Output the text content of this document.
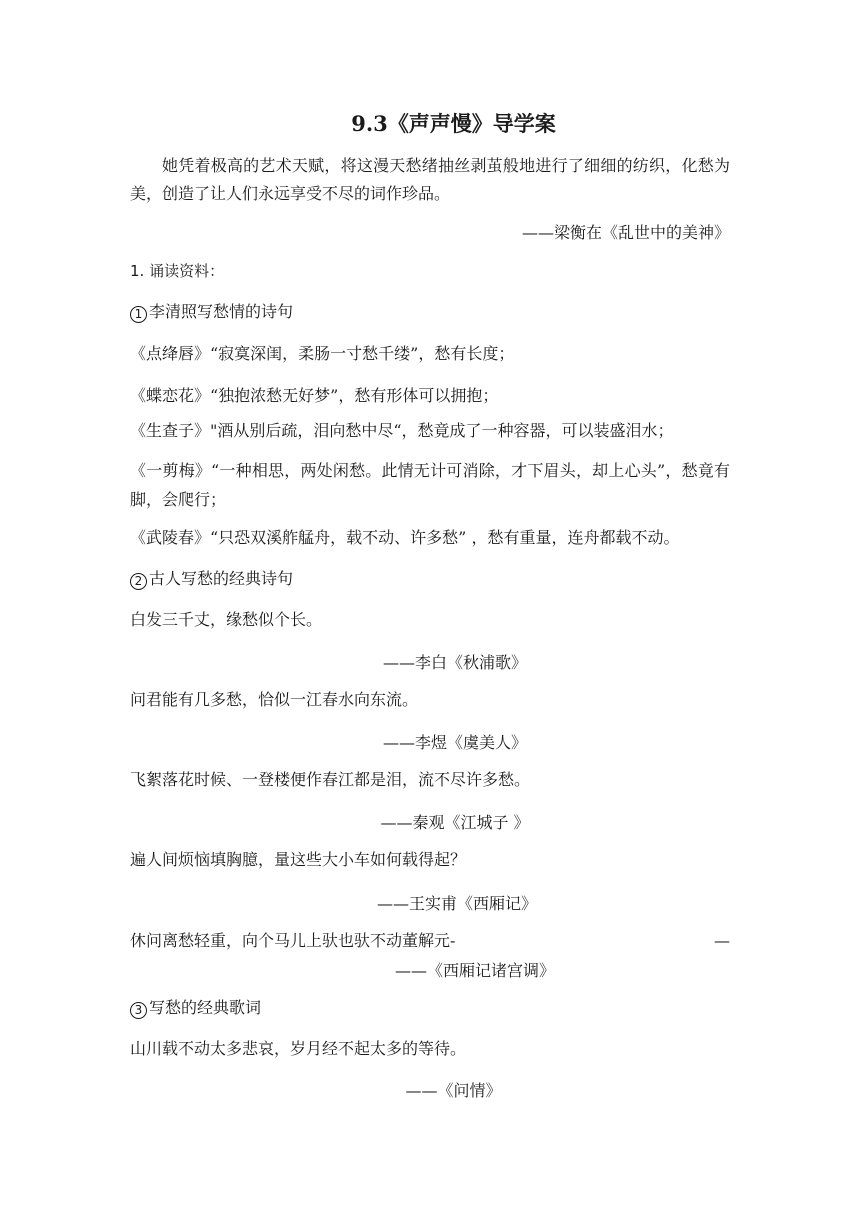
9.3《声声慢》导学案
她凭着极高的艺术天赋，将这漫天愁绪抽丝剥茧般地进行了细细的纺织，化愁为美，创造了让人们永远享受不尽的词作珍品。
——梁衡在《乱世中的美神》
1. 诵读资料：
1 李清照写愁情的诗句
《点绛唇》“寂寞深闺，柔肠一寸愁千缕”，愁有长度；
《蝶恋花》“独抱浓愁无好梦”，愁有形体可以拥抱；
《生查子》"酒从别后疏，泪向愁中尽“，愁竟成了一种容器，可以装盛泪水；
《一剪梅》“一种相思，两处闲愁。此情无计可消除，才下眉头，却上心头”，愁竟有脚，会爬行；
《武陵春》“只恐双溪舴艋舟，载不动、许多愁” ，愁有重量，连舟都载不动。
2 古人写愁的经典诗句
白发三千丈，缘愁似个长。
——李白《秋浦歌》
问君能有几多愁，恰似一江春水向东流。
——李煜《虞美人》
飞絮落花时候、一登楼便作春江都是泪，流不尽许多愁。
——秦观《江城子 》
遍人间烦恼填胸臆，量这些大小车如何载得起？
——王实甫《西厢记》
休问离愁轻重，向个马儿上驮也驮不动董解元-	—
——《西厢记诸宫调》
3 写愁的经典歌词
山川载不动太多悲哀，岁月经不起太多的等待。
——《问情》
